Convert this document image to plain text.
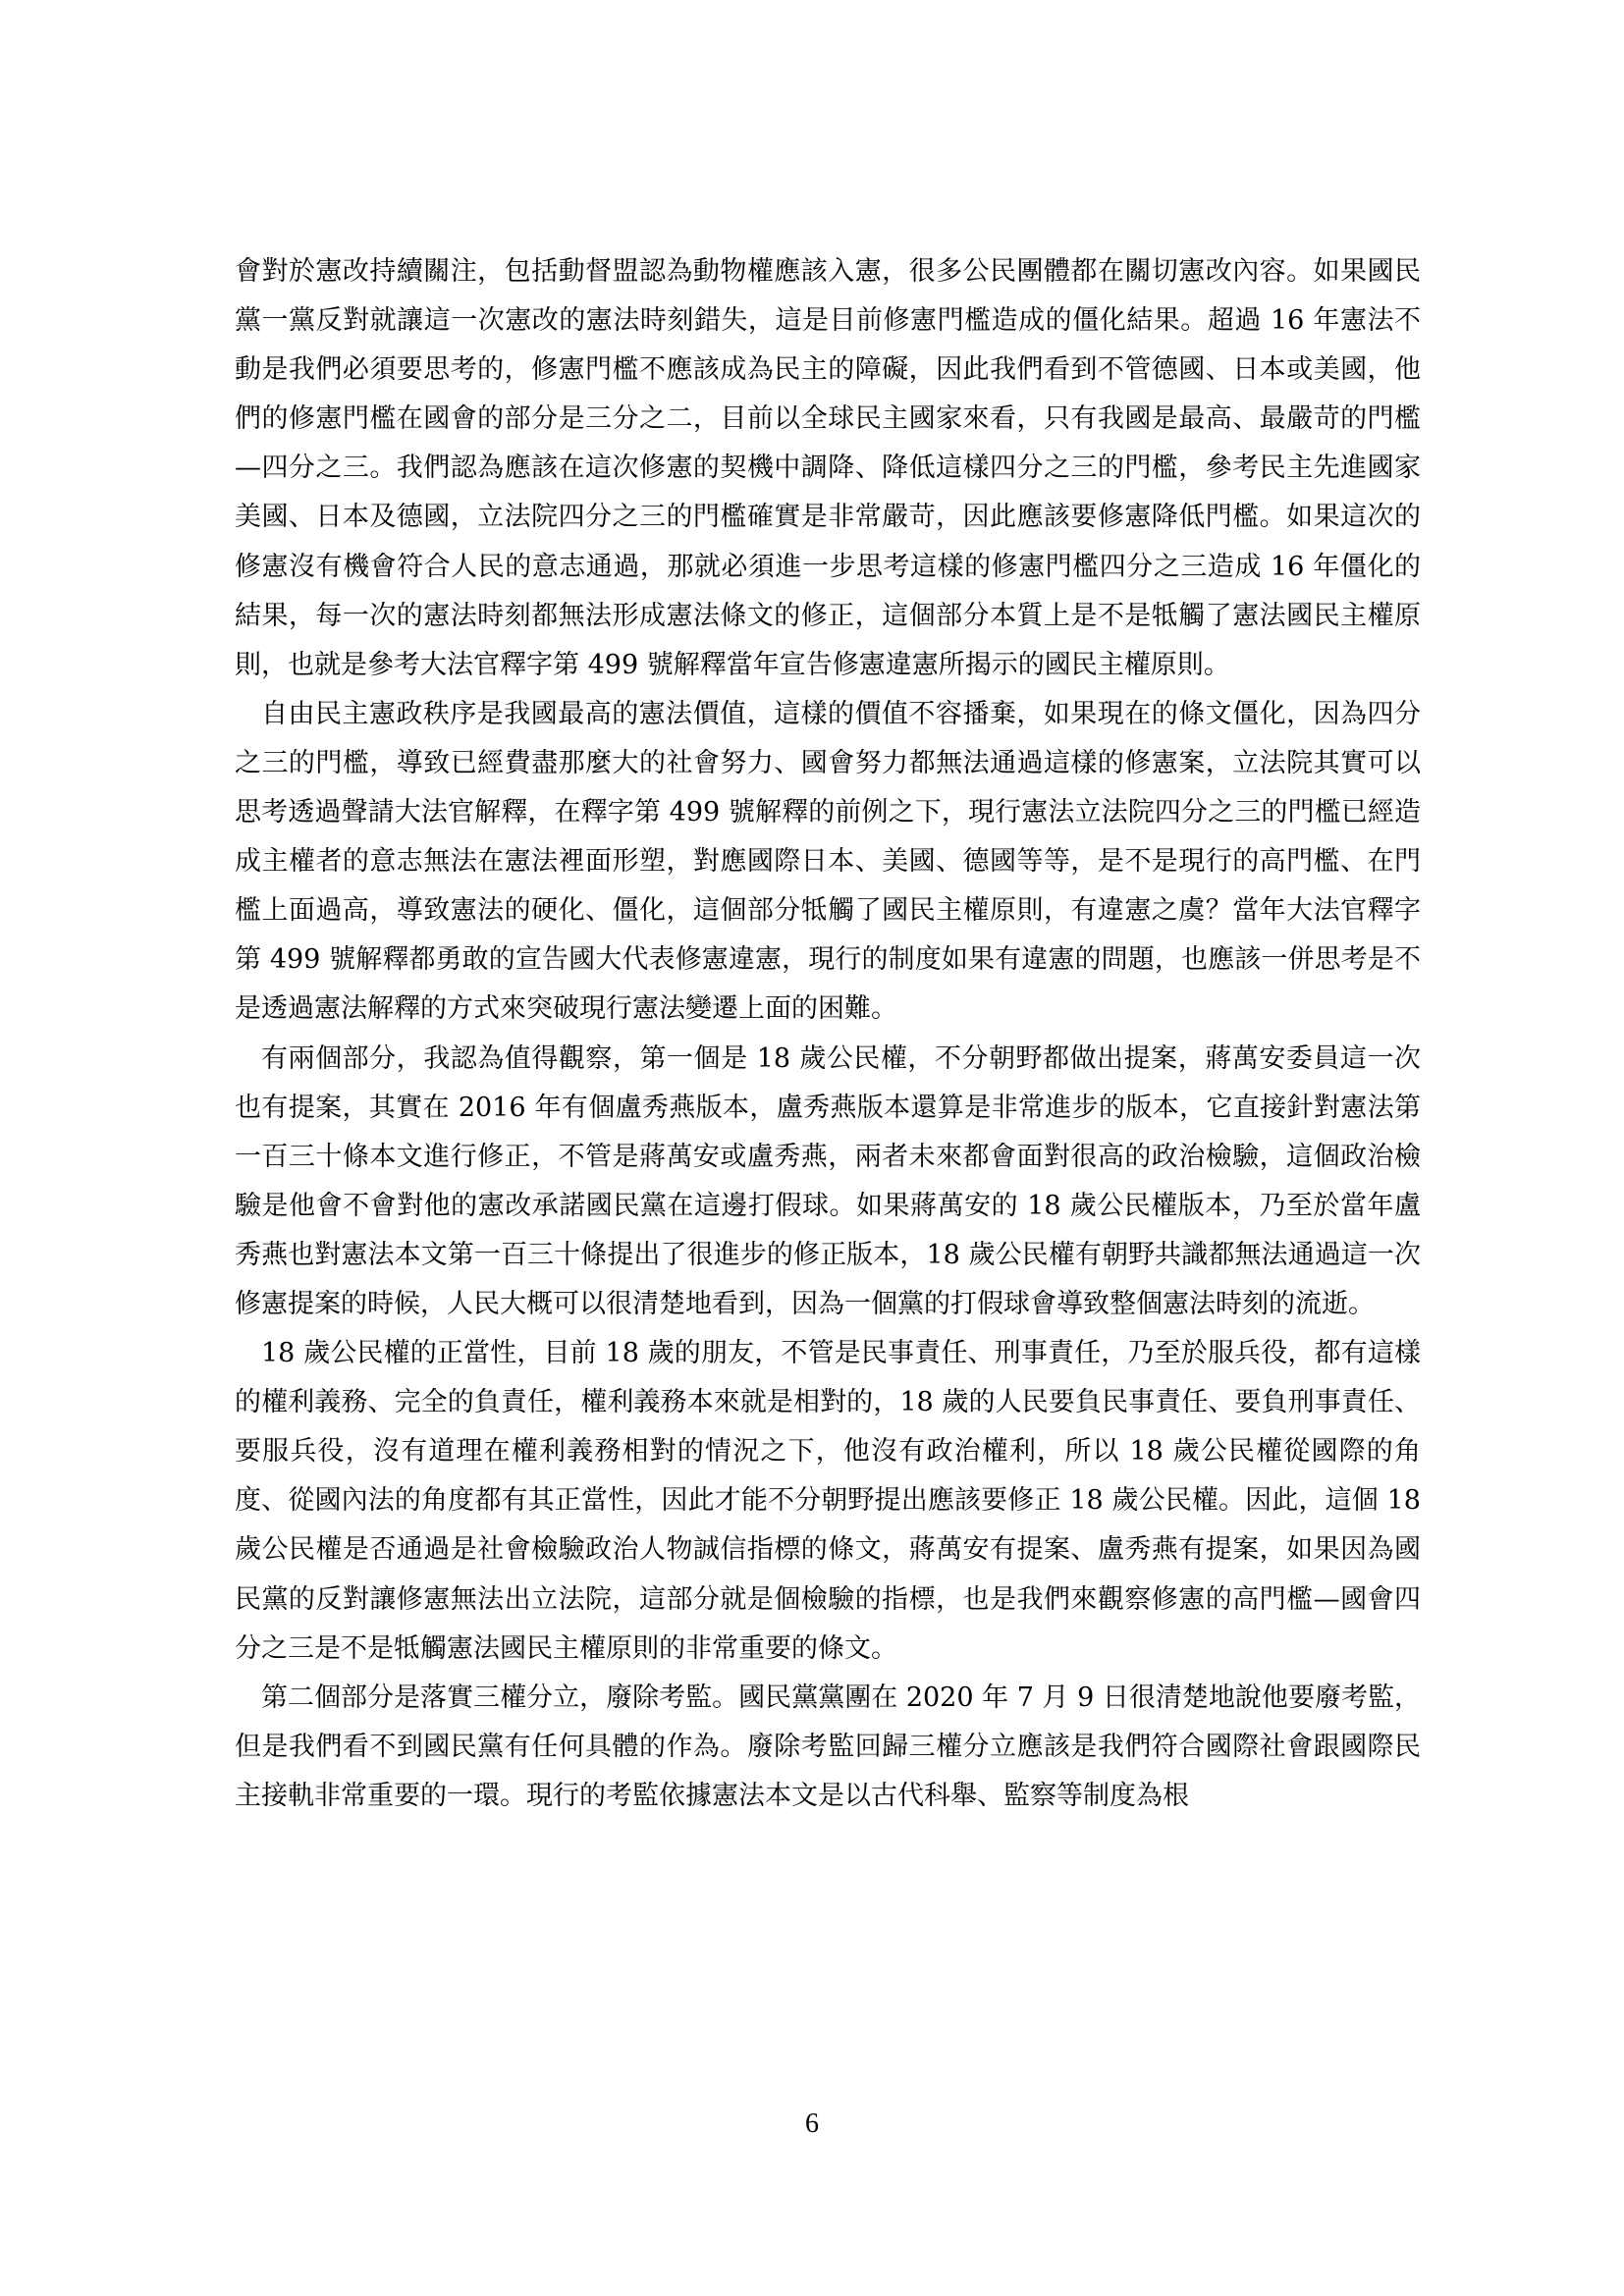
會對於憲改持續關注，包括動督盟認為動物權應該入憲，很多公民團體都在關切憲改內容。如果國民黨一黨反對就讓這一次憲改的憲法時刻錯失，這是目前修憲門檻造成的僵化結果。超過 16 年憲法不動是我們必須要思考的，修憲門檻不應該成為民主的障礙，因此我們看到不管德國、日本或美國，他們的修憲門檻在國會的部分是三分之二，目前以全球民主國家來看，只有我國是最高、最嚴苛的門檻—四分之三。我們認為應該在這次修憲的契機中調降、降低這樣四分之三的門檻，參考民主先進國家美國、日本及德國，立法院四分之三的門檻確實是非常嚴苛，因此應該要修憲降低門檻。如果這次的修憲沒有機會符合人民的意志通過，那就必須進一步思考這樣的修憲門檻四分之三造成 16 年僵化的結果，每一次的憲法時刻都無法形成憲法條文的修正，這個部分本質上是不是牴觸了憲法國民主權原則，也就是參考大法官釋字第 499 號解釋當年宣告修憲違憲所揭示的國民主權原則。

自由民主憲政秩序是我國最高的憲法價值，這樣的價值不容播棄，如果現在的條文僵化，因為四分之三的門檻，導致已經費盡那麼大的社會努力、國會努力都無法通過這樣的修憲案，立法院其實可以思考透過聲請大法官解釋，在釋字第 499 號解釋的前例之下，現行憲法立法院四分之三的門檻已經造成主權者的意志無法在憲法裡面形塑，對應國際日本、美國、德國等等，是不是現行的高門檻、在門檻上面過高，導致憲法的硬化、僵化，這個部分牴觸了國民主權原則，有違憲之虞？當年大法官釋字第 499 號解釋都勇敢的宣告國大代表修憲違憲，現行的制度如果有違憲的問題，也應該一併思考是不是透過憲法解釋的方式來突破現行憲法變遷上面的困難。

有兩個部分，我認為值得觀察，第一個是 18 歲公民權，不分朝野都做出提案，蔣萬安委員這一次也有提案，其實在 2016 年有個盧秀燕版本，盧秀燕版本還算是非常進步的版本，它直接針對憲法第一百三十條本文進行修正，不管是蔣萬安或盧秀燕，兩者未來都會面對很高的政治檢驗，這個政治檢驗是他會不會對他的憲改承諾國民黨在這邊打假球。如果蔣萬安的 18 歲公民權版本，乃至於當年盧秀燕也對憲法本文第一百三十條提出了很進步的修正版本，18 歲公民權有朝野共識都無法通過這一次修憲提案的時候，人民大概可以很清楚地看到，因為一個黨的打假球會導致整個憲法時刻的流逝。

18 歲公民權的正當性，目前 18 歲的朋友，不管是民事責任、刑事責任，乃至於服兵役，都有這樣的權利義務、完全的負責任，權利義務本來就是相對的，18 歲的人民要負民事責任、要負刑事責任、要服兵役，沒有道理在權利義務相對的情況之下，他沒有政治權利，所以 18 歲公民權從國際的角度、從國內法的角度都有其正當性，因此才能不分朝野提出應該要修正 18 歲公民權。因此，這個 18 歲公民權是否通過是社會檢驗政治人物誠信指標的條文，蔣萬安有提案、盧秀燕有提案，如果因為國民黨的反對讓修憲無法出立法院，這部分就是個檢驗的指標，也是我們來觀察修憲的高門檻—國會四分之三是不是牴觸憲法國民主權原則的非常重要的條文。

第二個部分是落實三權分立，廢除考監。國民黨黨團在 2020 年 7 月 9 日很清楚地說他要廢考監，但是我們看不到國民黨有任何具體的作為。廢除考監回歸三權分立應該是我們符合國際社會跟國際民主接軌非常重要的一環。現行的考監依據憲法本文是以古代科舉、監察等制度為根

6
